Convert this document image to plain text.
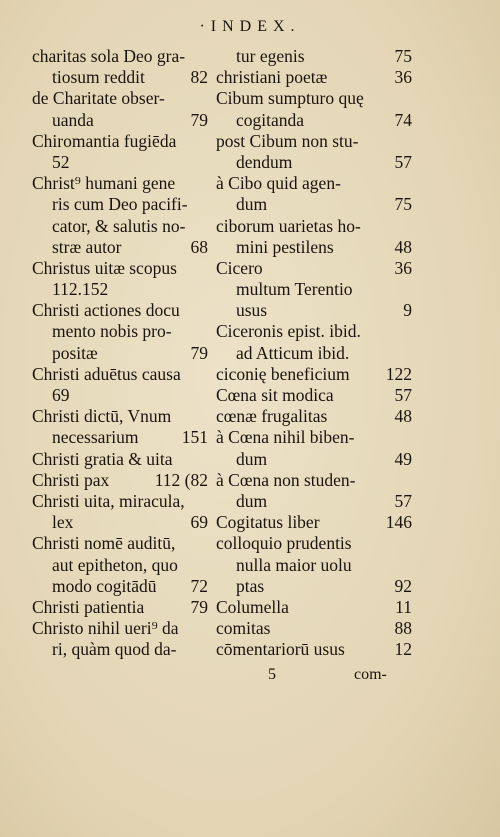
·INDEX.
charitas sola Deo gra-
tiosum reddit	82
de Charitate obser-
uanda	79
Chiromantia fugiēda
52
Christ⁹ humani gene
ris cum Deo pacifi-
cator, & salutis no-
stræ autor	68
Christus uitæ scopus
112.152
Christi actiones docu
mento nobis pro-
positæ	79
Christi aduētus causa
69
Christi dictū, Vnum
necessarium 151
Christi gratia & uita
Christi pax	112 (82
Christi uita, miracula,
lex	69
Christi nomē auditū,
aut epitheton, quo
modo cogitādū 72
Christi patientia	79
Christo nihil ueri⁹ da
ri, quàm quod da-
tur egenis	75
christiani poetæ	36
Cibum sumpturo quę
cogitanda	74
post Cibum non stu-
dendum	57
à Cibo quid agen-
dum	75
ciborum uarietas ho-
mini pestilens	48
Cicero	36
multum Terentio
usus	9
Ciceronis epist. ibid.
ad Atticum ibid.
ciconię beneficium 122
Cœna sit modica	57
cœnæ frugalitas	48
à Cœna nihil biben-
dum	49
à Cœna non studen-
dum	57
Cogitatus liber	146
colloquio prudentis
nulla maior uolu
ptas	92
Columella	11
comitas	88
cōmentariorū usus	12
5	com-
